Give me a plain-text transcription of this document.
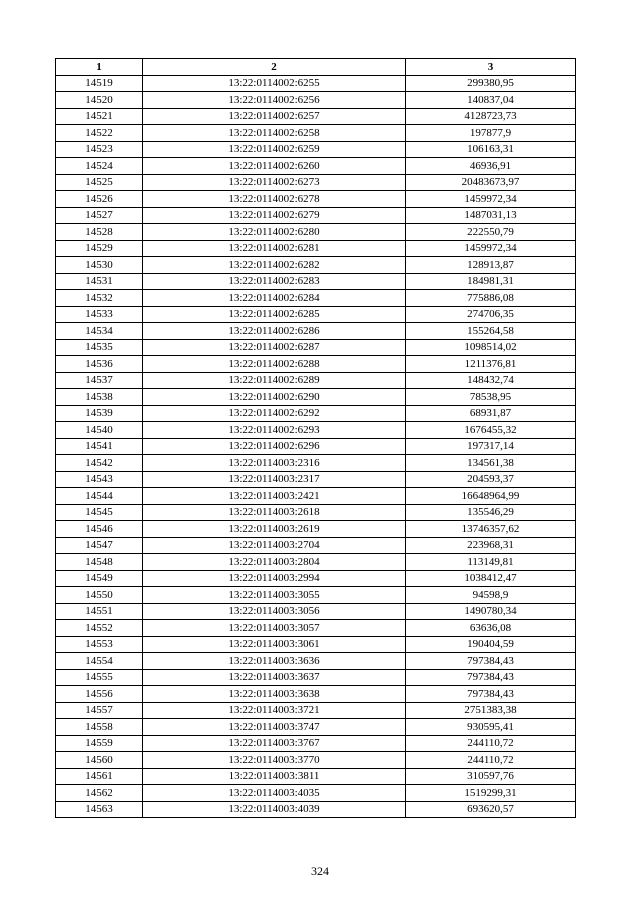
1	2	3
14519	13:22:0114002:6255	299380,95
14520	13:22:0114002:6256	140837,04
14521	13:22:0114002:6257	4128723,73
14522	13:22:0114002:6258	197877,9
14523	13:22:0114002:6259	106163,31
14524	13:22:0114002:6260	46936,91
14525	13:22:0114002:6273	20483673,97
14526	13:22:0114002:6278	1459972,34
14527	13:22:0114002:6279	1487031,13
14528	13:22:0114002:6280	222550,79
14529	13:22:0114002:6281	1459972,34
14530	13:22:0114002:6282	128913,87
14531	13:22:0114002:6283	184981,31
14532	13:22:0114002:6284	775886,08
14533	13:22:0114002:6285	274706,35
14534	13:22:0114002:6286	155264,58
14535	13:22:0114002:6287	1098514,02
14536	13:22:0114002:6288	1211376,81
14537	13:22:0114002:6289	148432,74
14538	13:22:0114002:6290	78538,95
14539	13:22:0114002:6292	68931,87
14540	13:22:0114002:6293	1676455,32
14541	13:22:0114002:6296	197317,14
14542	13:22:0114003:2316	134561,38
14543	13:22:0114003:2317	204593,37
14544	13:22:0114003:2421	16648964,99
14545	13:22:0114003:2618	135546,29
14546	13:22:0114003:2619	13746357,62
14547	13:22:0114003:2704	223968,31
14548	13:22:0114003:2804	113149,81
14549	13:22:0114003:2994	1038412,47
14550	13:22:0114003:3055	94598,9
14551	13:22:0114003:3056	1490780,34
14552	13:22:0114003:3057	63636,08
14553	13:22:0114003:3061	190404,59
14554	13:22:0114003:3636	797384,43
14555	13:22:0114003:3637	797384,43
14556	13:22:0114003:3638	797384,43
14557	13:22:0114003:3721	2751383,38
14558	13:22:0114003:3747	930595,41
14559	13:22:0114003:3767	244110,72
14560	13:22:0114003:3770	244110,72
14561	13:22:0114003:3811	310597,76
14562	13:22:0114003:4035	1519299,31
14563	13:22:0114003:4039	693620,57
324
